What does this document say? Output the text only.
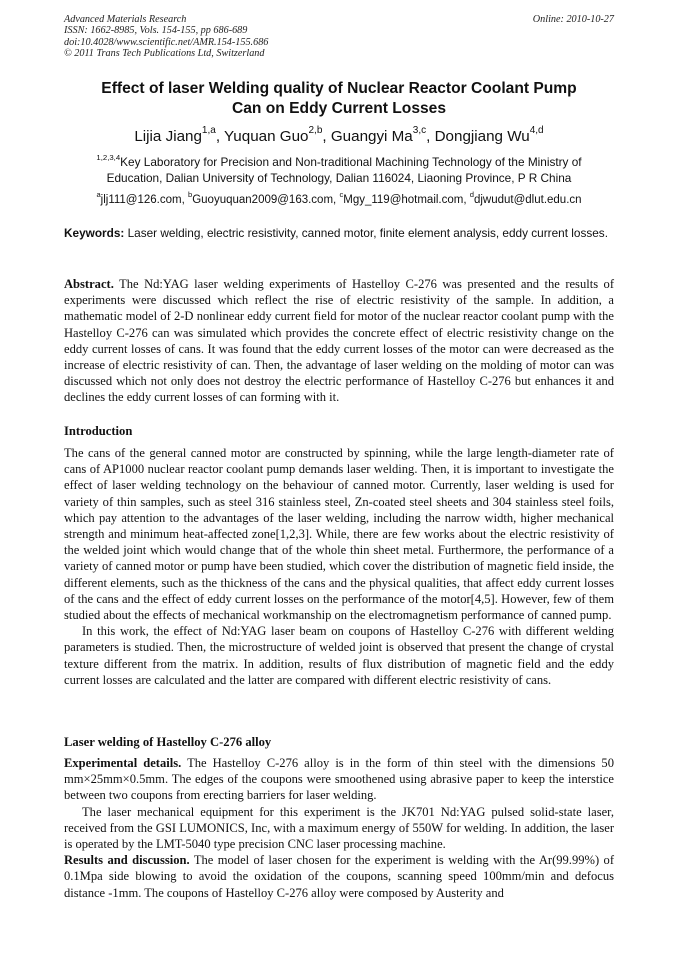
Advanced Materials Research
ISSN: 1662-8985, Vols. 154-155, pp 686-689
doi:10.4028/www.scientific.net/AMR.154-155.686
© 2011 Trans Tech Publications Ltd, Switzerland
Online: 2010-10-27
Effect of laser Welding quality of Nuclear Reactor Coolant Pump
Can on Eddy Current Losses
Lijia Jiang$^{1,a}$, Yuquan Guo$^{2,b}$, Guangyi Ma$^{3,c}$, Dongjiang Wu$^{4,d}$
$^{1,2,3,4}$Key Laboratory for Precision and Non-traditional Machining Technology of the Ministry of
Education, Dalian University of Technology, Dalian 116024, Liaoning Province, P R China
$^a$jlj111@126.com, $^b$Guoyuquan2009@163.com, $^c$Mgy_119@hotmail.com, $^d$djwudut@dlut.edu.cn
Keywords: Laser welding, electric resistivity, canned motor, finite element analysis, eddy current losses.

Abstract. The Nd:YAG laser welding experiments of Hastelloy C-276 was presented and the results of experiments were discussed which reflect the rise of electric resistivity of the sample. In addition, a mathematic model of 2-D nonlinear eddy current field for motor of the nuclear reactor coolant pump with the Hastelloy C-276 can was simulated which provides the concrete effect of electric resistivity change on the eddy current losses of cans. It was found that the eddy current losses of the motor can were decreased as the increase of electric resistivity of can. Then, the advantage of laser welding on the molding of motor can was discussed which not only does not destroy the electric performance of Hastelloy C-276 but enhances it and declines the eddy current losses of can forming with it.

Introduction

The cans of the general canned motor are constructed by spinning, while the large length-diameter rate of cans of AP1000 nuclear reactor coolant pump demands laser welding. Then, it is important to investigate the effect of laser welding technology on the behaviour of canned motor. Currently, laser welding is used for variety of thin samples, such as steel 316 stainless steel, Zn-coated steel sheets and 304 stainless steel foils, which pay attention to the advantages of the laser welding, including the narrow width, higher mechanical strength and minimum heat-affected zone[1,2,3]. While, there are few works about the electric resistivity of the welded joint which would change that of the whole thin sheet metal. Furthermore, the performance of a variety of canned motor or pump have been studied, which cover the distribution of magnetic field inside, the different elements, such as the thickness of the cans and the physical qualities, that affect eddy current losses of the cans and the effect of eddy current losses on the performance of the motor[4,5]. However, few of them studied about the effects of mechanical workmanship on the electromagnetism performance of canned pump.

In this work, the effect of Nd:YAG laser beam on coupons of Hastelloy C-276 with different welding parameters is studied. Then, the microstructure of welded joint is observed that present the change of crystal texture different from the matrix. In addition, results of flux distribution of magnetic field and the eddy current losses are calculated and the latter are compared with different electric resistivity of cans.

Laser welding of Hastelloy C-276 alloy

Experimental details. The Hastelloy C-276 alloy is in the form of thin steel with the dimensions 50 mm×25mm×0.5mm. The edges of the coupons were smoothened using abrasive paper to keep the interstice between two coupons from erecting barriers for laser welding.

The laser mechanical equipment for this experiment is the JK701 Nd:YAG pulsed solid-state laser, received from the GSI LUMONICS, Inc, with a maximum energy of 550W for welding. In addition, the laser is operated by the LMT-5040 type precision CNC laser processing machine.

Results and discussion. The model of laser chosen for the experiment is welding with the Ar(99.99%) of 0.1Mpa side blowing to avoid the oxidation of the coupons, scanning speed 100mm/min and defocus distance -1mm. The coupons of Hastelloy C-276 alloy were composed by Austerity and
